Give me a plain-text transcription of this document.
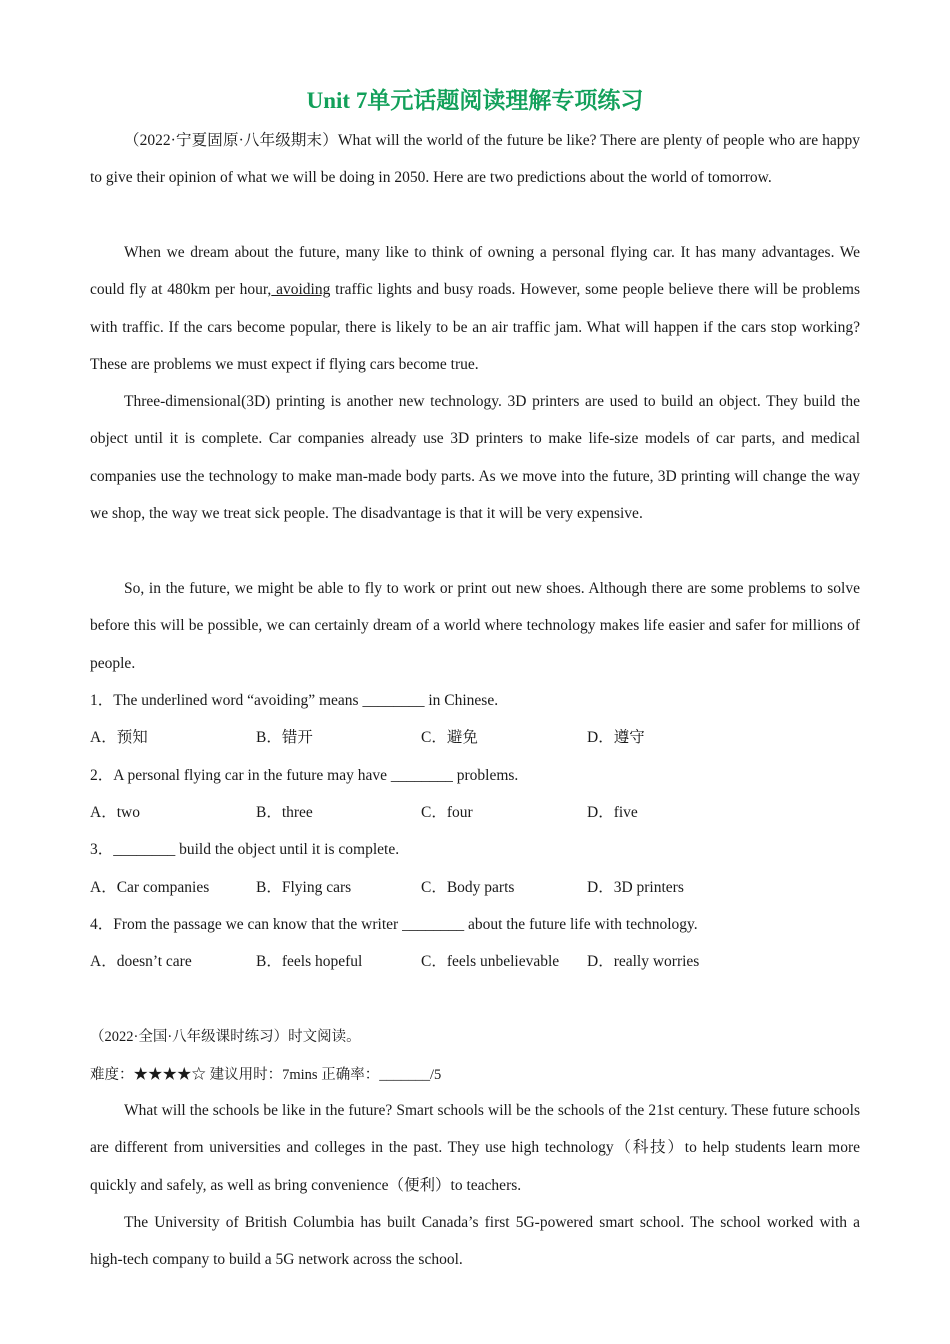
Unit 7单元话题阅读理解专项练习

（2022·宁夏固原·八年级期末）What will the world of the future be like? There are plenty of people who are happy to give their opinion of what we will be doing in 2050. Here are two predictions about the world of tomorrow.

When we dream about the future, many like to think of owning a personal flying car. It has many advantages. We could fly at 480km per hour, avoiding traffic lights and busy roads. However, some people believe there will be problems with traffic. If the cars become popular, there is likely to be an air traffic jam. What will happen if the cars stop working? These are problems we must expect if flying cars become true.

Three-dimensional(3D) printing is another new technology. 3D printers are used to build an object. They build the object until it is complete. Car companies already use 3D printers to make life-size models of car parts, and medical companies use the technology to make man-made body parts. As we move into the future, 3D printing will change the way we shop, the way we treat sick people. The disadvantage is that it will be very expensive.

So, in the future, we might be able to fly to work or print out new shoes. Although there are some problems to solve before this will be possible, we can certainly dream of a world where technology makes life easier and safer for millions of people.

1．The underlined word “avoiding” means ________ in Chinese.
A．预知	B．错开	C．避免	D．遵守
2．A personal flying car in the future may have ________ problems.
A．two	B．three	C．four	D．five
3．________ build the object until it is complete.
A．Car companies	B．Flying cars	C．Body parts	D．3D printers
4．From the passage we can know that the writer ________ about the future life with technology.
A．doesn’t care	B．feels hopeful	C．feels unbelievable D．really worries
（2022·全国·八年级课时练习）时文阅读。
难度：★★★★☆ 建议用时：7mins 正确率：_______/5

What will the schools be like in the future? Smart schools will be the schools of the 21st century. These future schools are different from universities and colleges in the past. They use high technology（科技）to help students learn more quickly and safely, as well as bring convenience（便利）to teachers.

The University of British Columbia has built Canada’s first 5G-powered smart school. The school worked with a high-tech company to build a 5G network across the school.
